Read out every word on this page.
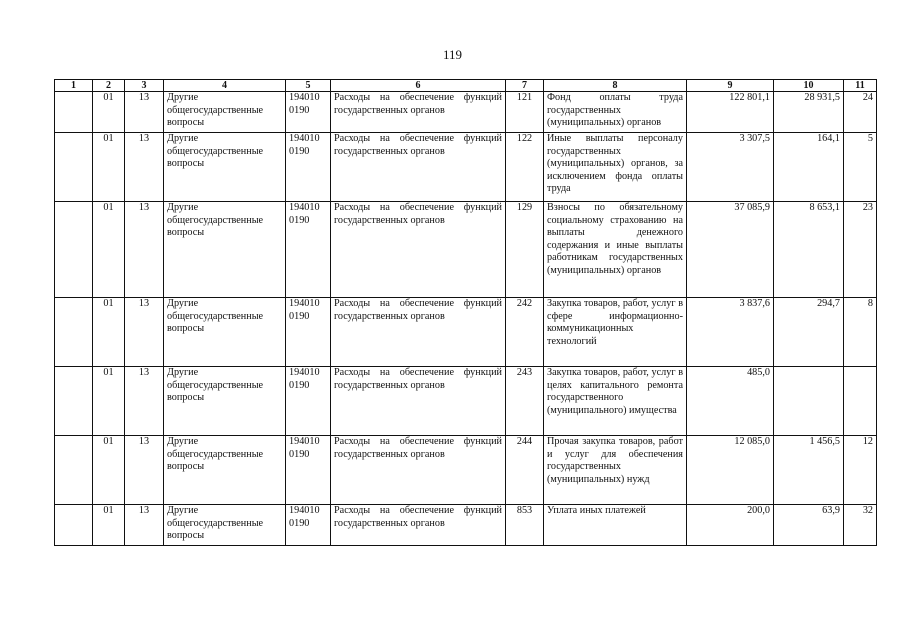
119
1	2	3	4	5	6	7	8	9	10	11
	01	13	Другие общегосударственные вопросы	194010 0190	Расходы на обеспечение функций государственных органов	121	Фонд оплаты труда государственных (муниципальных) органов	122 801,1	28 931,5	24
	01	13	Другие общегосударственные вопросы	194010 0190	Расходы на обеспечение функций государственных органов	122	Иные выплаты персоналу государственных (муниципальных) органов, за исключением фонда оплаты труда	3 307,5	164,1	5
	01	13	Другие общегосударственные вопросы	194010 0190	Расходы на обеспечение функций государственных органов	129	Взносы по обязательному социальному страхованию на выплаты денежного содержания и иные выплаты работникам государственных (муниципальных) органов	37 085,9	8 653,1	23
	01	13	Другие общегосударственные вопросы	194010 0190	Расходы на обеспечение функций государственных органов	242	Закупка товаров, работ, услуг в сфере информационно-коммуникационных технологий	3 837,6	294,7	8
	01	13	Другие общегосударственные вопросы	194010 0190	Расходы на обеспечение функций государственных органов	243	Закупка товаров, работ, услуг в целях капитального ремонта государственного (муниципального) имущества	485,0		
	01	13	Другие общегосударственные вопросы	194010 0190	Расходы на обеспечение функций государственных органов	244	Прочая закупка товаров, работ и услуг для обеспечения государственных (муниципальных) нужд	12 085,0	1 456,5	12
	01	13	Другие общегосударственные вопросы	194010 0190	Расходы на обеспечение функций государственных органов	853	Уплата иных платежей	200,0	63,9	32
